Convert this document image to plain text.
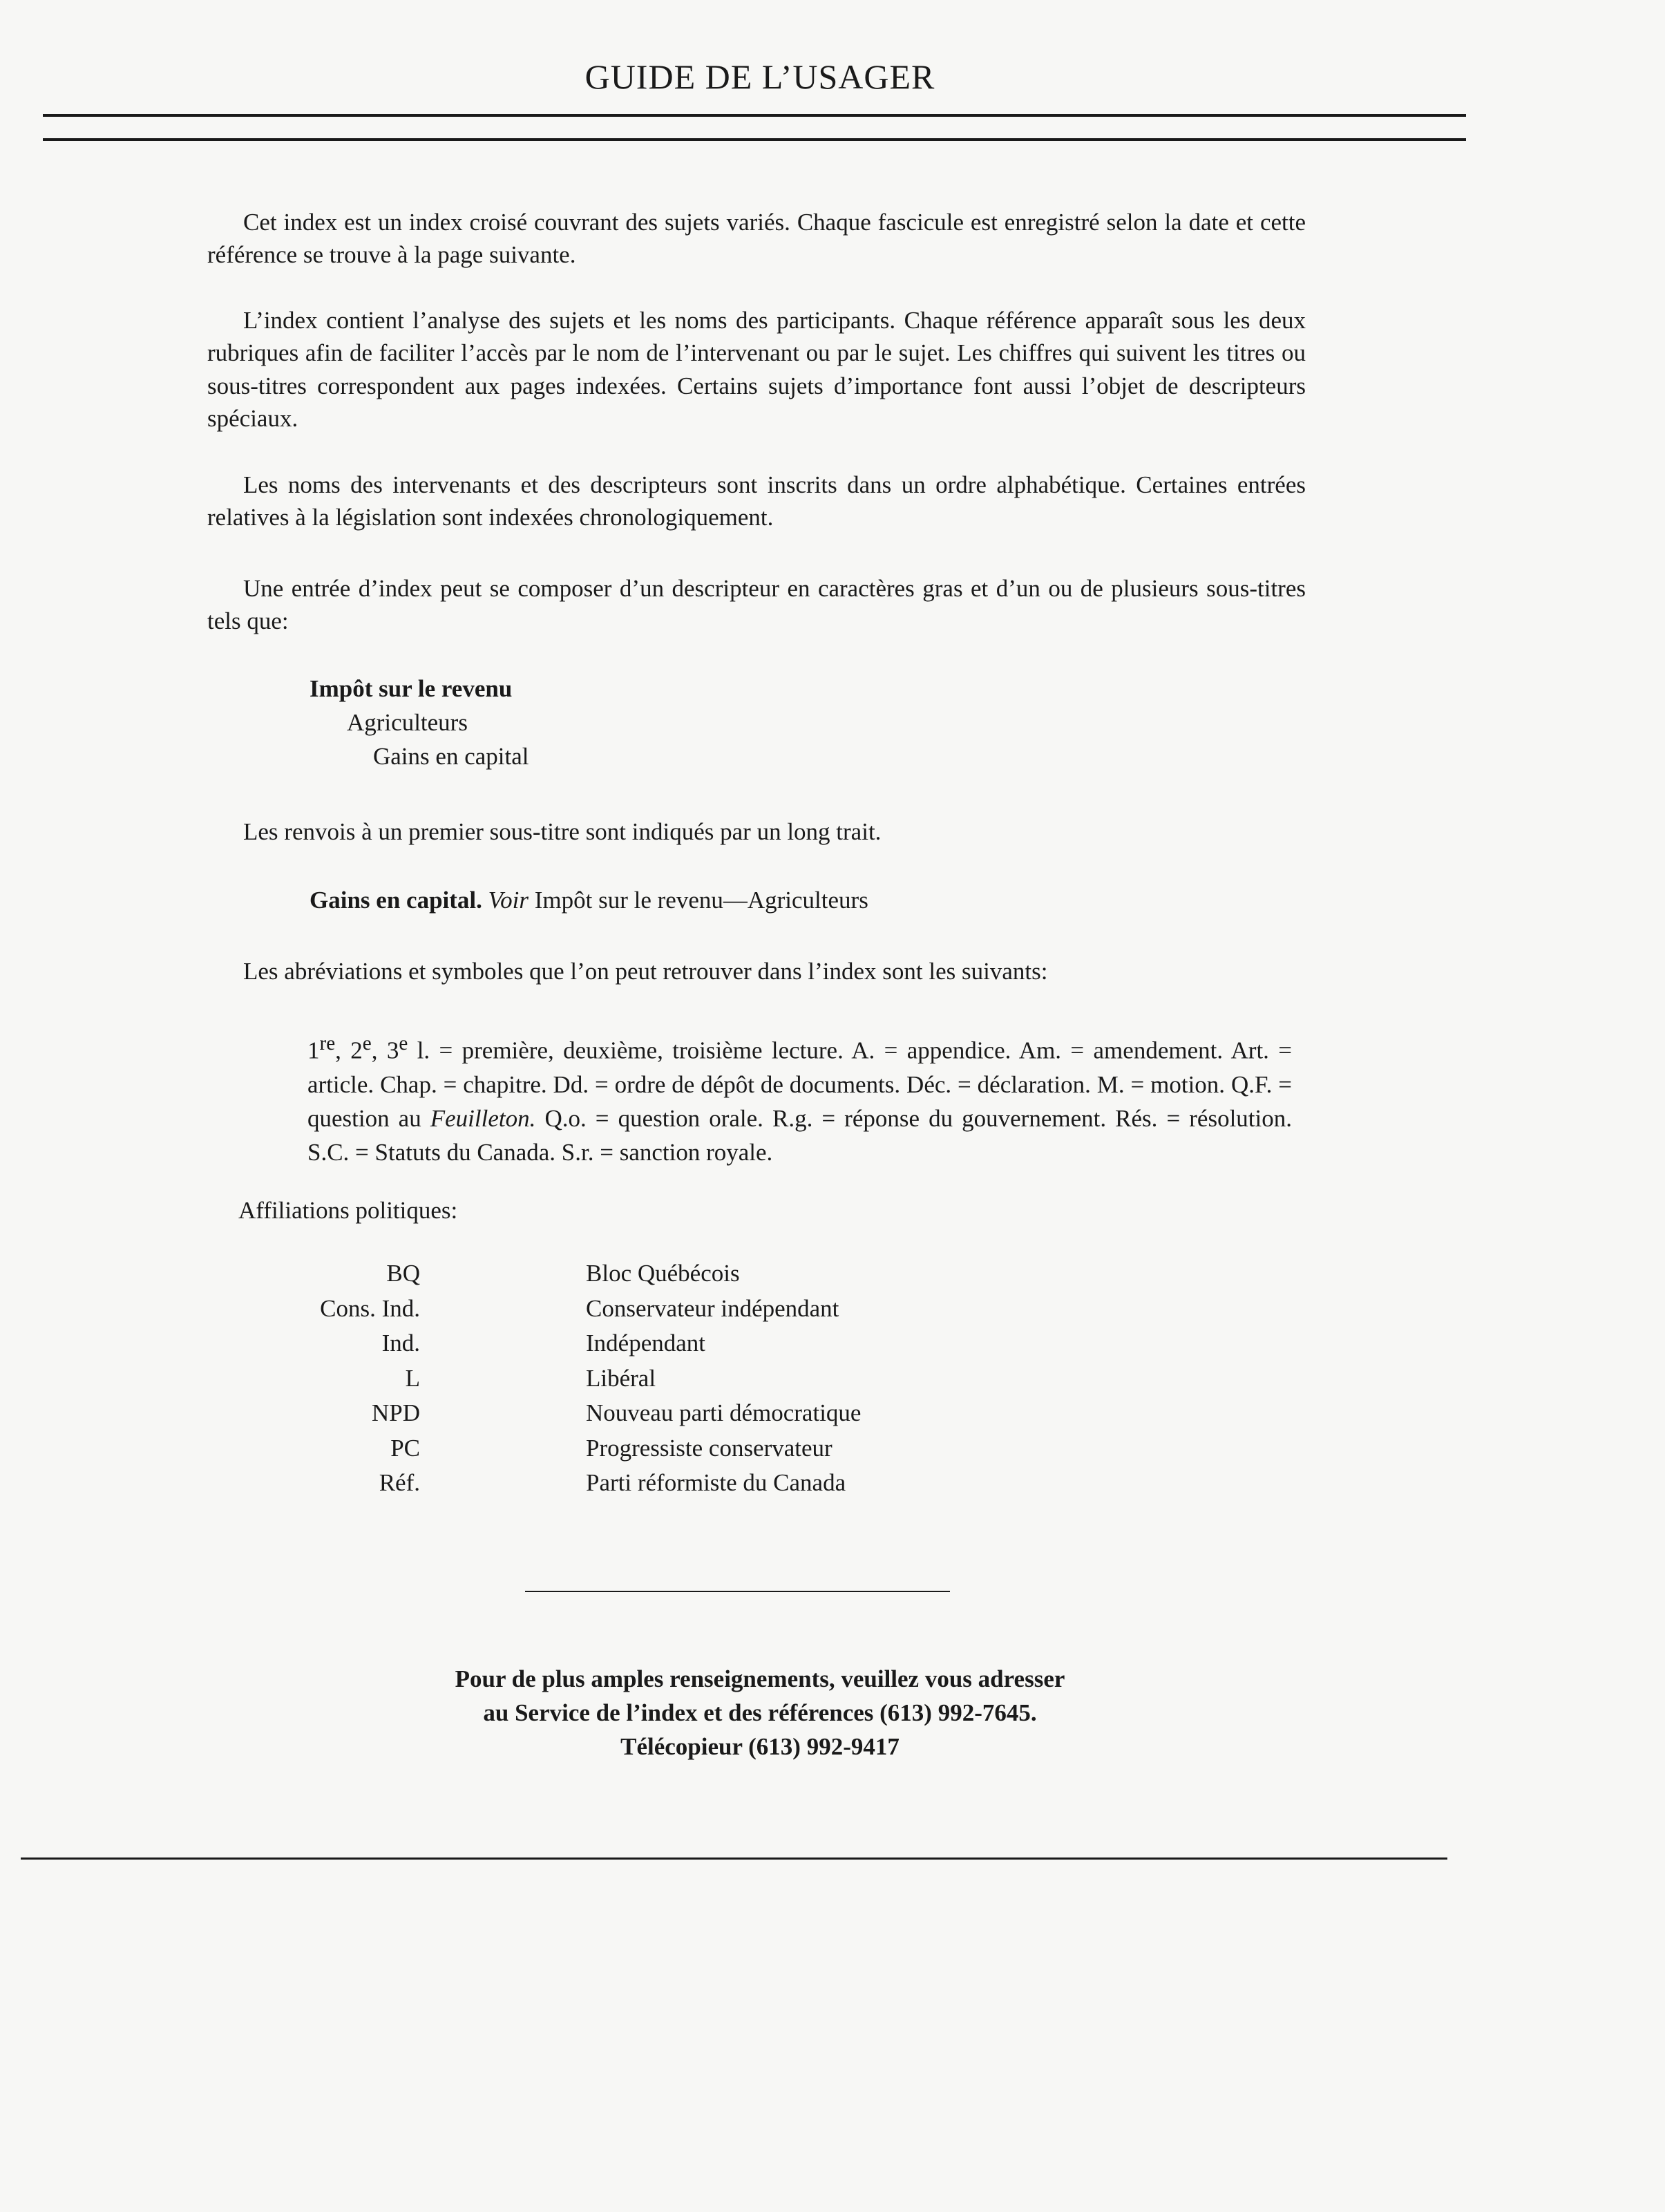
GUIDE DE L’USAGER
Cet index est un index croisé couvrant des sujets variés. Chaque fascicule est enregistré selon la date et cette référence se trouve à la page suivante.
L’index contient l’analyse des sujets et les noms des participants. Chaque référence apparaît sous les deux rubriques afin de faciliter l’accès par le nom de l’intervenant ou par le sujet. Les chiffres qui suivent les titres ou sous-titres correspondent aux pages indexées. Certains sujets d’importance font aussi l’objet de descripteurs spéciaux.
Les noms des intervenants et des descripteurs sont inscrits dans un ordre alphabétique. Certaines entrées relatives à la législation sont indexées chronologiquement.
Une entrée d’index peut se composer d’un descripteur en caractères gras et d’un ou de plusieurs sous-titres tels que:
Impôt sur le revenu
Agriculteurs
Gains en capital
Les renvois à un premier sous-titre sont indiqués par un long trait.
Gains en capital. Voir Impôt sur le revenu—Agriculteurs
Les abréviations et symboles que l’on peut retrouver dans l’index sont les suivants:
1re, 2e, 3e l. = première, deuxième, troisième lecture. A. = appendice. Am. = amendement. Art. = article. Chap. = chapitre. Dd. = ordre de dépôt de documents. Déc. = déclaration. M. = motion. Q.F. = question au Feuilleton. Q.o. = question orale. R.g. = réponse du gouvernement. Rés. = résolution. S.C. = Statuts du Canada. S.r. = sanction royale.
Affiliations politiques:
BQ	Bloc Québécois
Cons. Ind.	Conservateur indépendant
Ind.	Indépendant
L	Libéral
NPD	Nouveau parti démocratique
PC	Progressiste conservateur
Réf.	Parti réformiste du Canada
Pour de plus amples renseignements, veuillez vous adresser
au Service de l’index et des références (613) 992-7645.
Télécopieur (613) 992-9417
